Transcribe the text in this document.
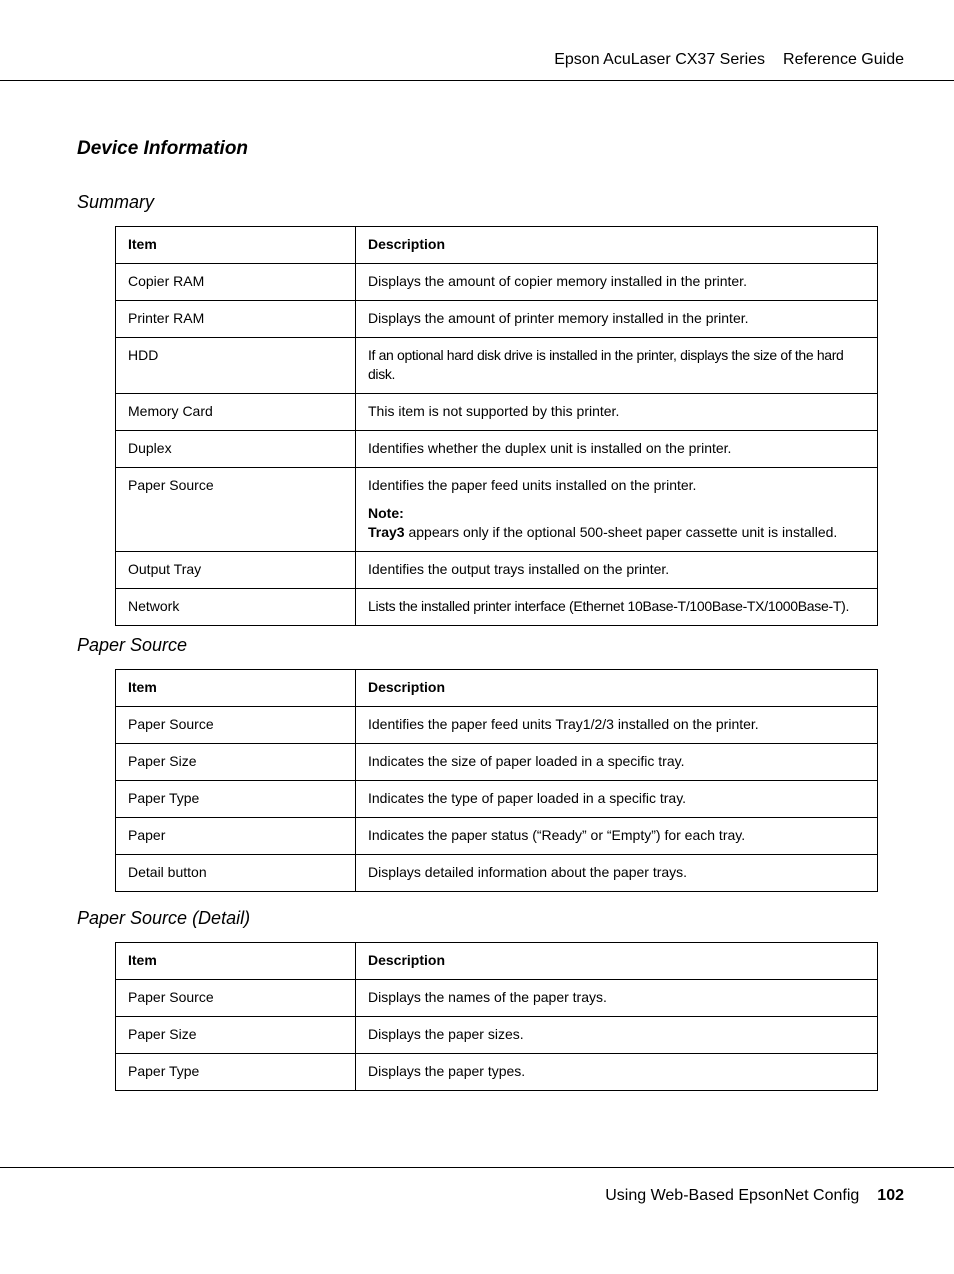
Epson AcuLaser CX37 Series Reference Guide
Device Information
Summary
Item	Description
Copier RAM	Displays the amount of copier memory installed in the printer.
Printer RAM	Displays the amount of printer memory installed in the printer.
HDD	If an optional hard disk drive is installed in the printer, displays the size of the hard disk.
Memory Card	This item is not supported by this printer.
Duplex	Identifies whether the duplex unit is installed on the printer.
Paper Source	Identifies the paper feed units installed on the printer.
Note:
Tray3 appears only if the optional 500-sheet paper cassette unit is installed.

Output Tray	Identifies the output trays installed on the printer.
Network	Lists the installed printer interface (Ethernet 10Base-T/100Base-TX/1000Base-T).
Paper Source
Item	Description
Paper Source	Identifies the paper feed units Tray1/2/3 installed on the printer.
Paper Size	Indicates the size of paper loaded in a specific tray.
Paper Type	Indicates the type of paper loaded in a specific tray.
Paper	Indicates the paper status (“Ready” or “Empty”) for each tray.
Detail button	Displays detailed information about the paper trays.
Paper Source (Detail)
Item	Description
Paper Source	Displays the names of the paper trays.
Paper Size	Displays the paper sizes.
Paper Type	Displays the paper types.
Using Web-Based EpsonNet Config 102
